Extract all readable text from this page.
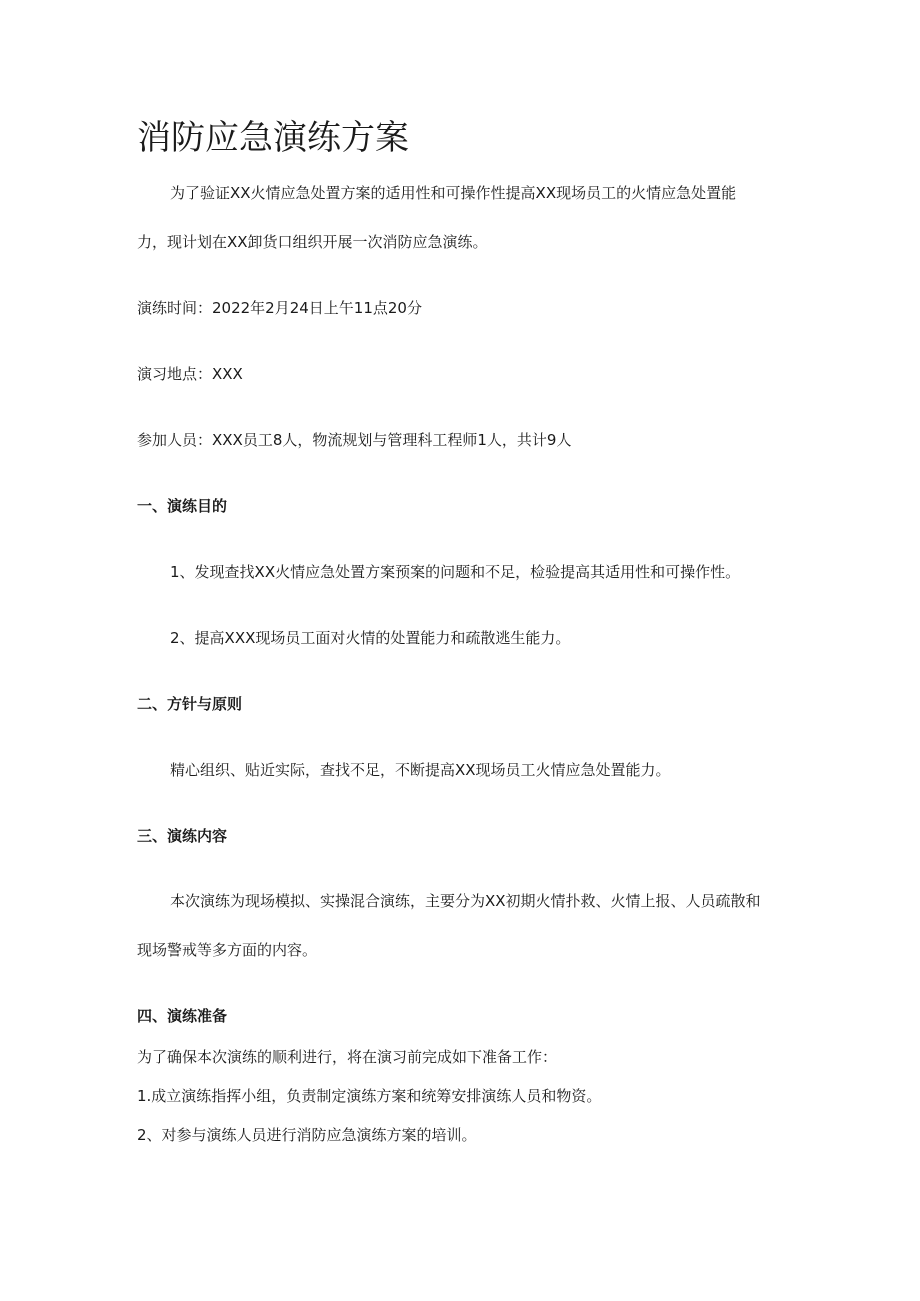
消防应急演练方案

为了验证XX火情应急处置方案的适用性和可操作性提高XX现场员工的火情应急处置能

力，现计划在XX卸货口组织开展一次消防应急演练。

演练时间：2022年2月24日上午11点20分

演习地点：XXX

参加人员：XXX员工8人，物流规划与管理科工程师1人，共计9人

一、演练目的

1、发现查找XX火情应急处置方案预案的问题和不足，检验提高其适用性和可操作性。

2、提高XXX现场员工面对火情的处置能力和疏散逃生能力。

二、方针与原则

精心组织、贴近实际，查找不足，不断提高XX现场员工火情应急处置能力。

三、演练内容

本次演练为现场模拟、实操混合演练，主要分为XX初期火情扑救、火情上报、人员疏散和

现场警戒等多方面的内容。

四、演练准备

为了确保本次演练的顺利进行，将在演习前完成如下准备工作：

1.成立演练指挥小组，负责制定演练方案和统筹安排演练人员和物资。

2、对参与演练人员进行消防应急演练方案的培训。
